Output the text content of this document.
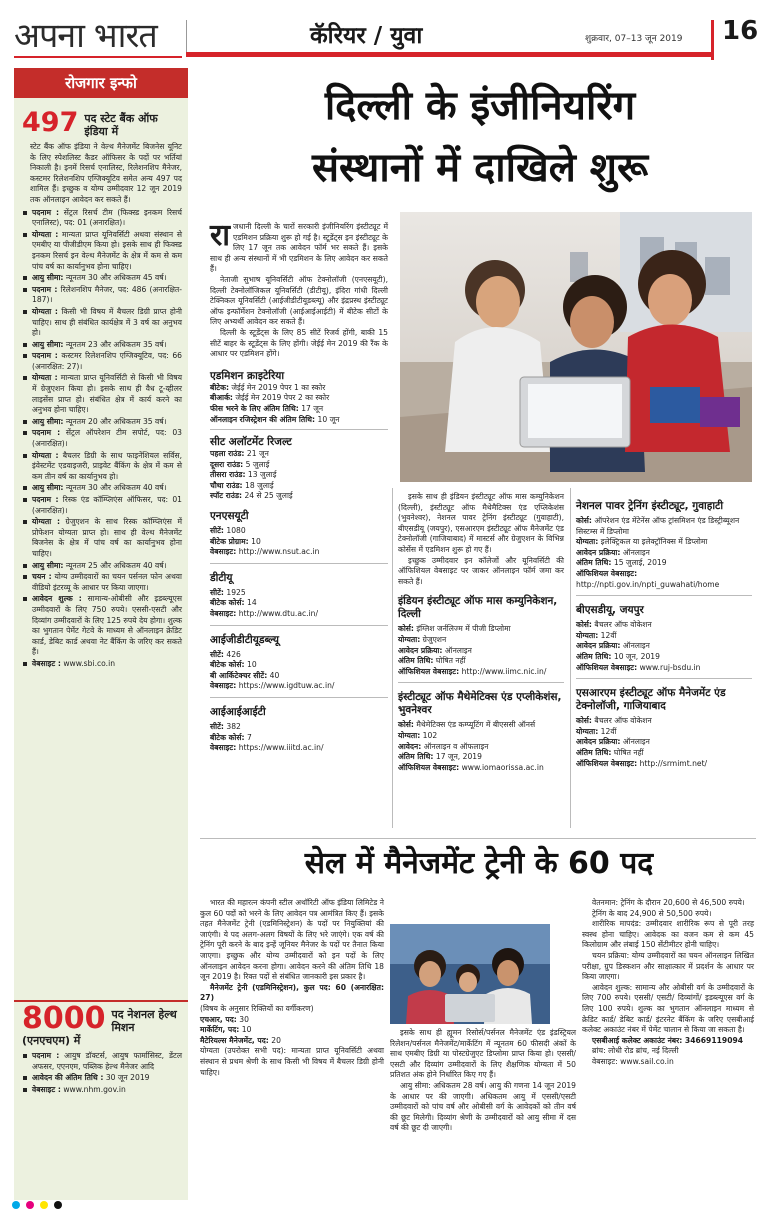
अपना भारत	कॅरियर / युवा	शुक्रवार, 07–13 जून 2019 16
रोजगार इन्फो
497 पद स्टेट बैंक ऑफ इंडिया में

स्टेट बैंक ऑफ इंडिया ने वेल्थ मैनेजमेंट बिजनेस यूनिट के लिए स्पेशलिस्ट कैडर ऑफिसर के पदों पर भर्तियां निकाली है। इनमें रिसर्च एनालिस्ट, रिलेशनशिप मैनेजर, कस्टमर रिलेशनशिप एग्जिक्यूटिव समेत अन्य 497 पद शामिल हैं। इच्छुक व योग्य उम्मीदवार 12 जून 2019 तक ऑनलाइन आवेदन कर सकते हैं।

पदनाम : सेंट्रल रिसर्च टीम (फिक्स्ड इनकम रिसर्च एनालिस्ट), पद: 01 (अनारक्षित)।
योग्यता : मान्यता प्राप्त यूनिवर्सिटी अथवा संस्थान से एमबीए या पीजीडीएम किया हो। इसके साथ ही फिक्स्ड इनकम रिसर्च इन वेल्थ मैनेजमेंट के क्षेत्र में कम से कम पांच वर्ष का कार्यानुभव होना चाहिए।
आयु सीमा: न्यूनतम 30 और अधिकतम 45 वर्ष।
पदनाम : रिलेशनशिप मैनेजर, पद: 486 (अनारक्षित- 187)।
योग्यता : किसी भी विषय में बैचलर डिग्री प्राप्त होनी चाहिए। साथ ही संबंधित कार्यक्षेत्र में 3 वर्ष का अनुभव हो।
आयु सीमा: न्यूनतम 23 और अधिकतम 35 वर्ष।
पदनाम : कस्टमर रिलेशनशिप एग्जिक्यूटिव, पद: 66 (अनारक्षित: 27)।
योग्यता : मान्यता प्राप्त यूनिवर्सिटी से किसी भी विषय में ग्रेजुएशन किया हो। इसके साथ ही वैध टू-व्हीलर लाइसेंस प्राप्त हो। संबंधित क्षेत्र में कार्य करने का अनुभव होना चाहिए।
आयु सीमा: न्यूनतम 20 और अधिकतम 35 वर्ष।
पदनाम : सेंट्रल ऑपरेशन टीम सपोर्ट, पद: 03 (अनारक्षित)।
योग्यता : बैचलर डिग्री के साथ फाइनेंशियल सर्विस, इंवेस्टमेंट एडवाइजरी, प्राइवेट बैंकिंग के क्षेत्र में कम से कम तीन वर्ष का कार्यानुभव हो।
आयु सीमा: न्यूनतम 30 और अधिकतम 40 वर्ष।
पदनाम : रिस्क एंड कॉम्प्लिएंस ऑफिसर, पद: 01 (अनारक्षित)।
योग्यता : ग्रेजुएशन के साथ रिस्क कॉम्प्लिएंस में प्रोफेशन योग्यता प्राप्त हो। साथ ही वेल्थ मैनेजमेंट बिजनेस के क्षेत्र में पांच वर्ष का कार्यानुभव होना चाहिए।
आयु सीमा: न्यूनतम 25 और अधिकतम 40 वर्ष।
चयन : योग्य उम्मीदवारों का चयन पर्सनल फोन अथवा वीडियो इंटरव्यू के आधार पर किया जाएगा।
आवेदन शुल्क : सामान्य-ओबीसी और इडब्ल्यूएस उम्मीदवारों के लिए 750 रुपये। एससी-एसटी और दिव्यांग उम्मीदवारों के लिए 125 रुपये देय होगा। शुल्क का भुगतान पेमेंट गेटवे के माध्यम से ऑनलाइन क्रेडिट कार्ड, डेबिट कार्ड अथवा नेट बैंकिंग के जरिए कर सकते हैं।
वेबसाइट : www.sbi.co.in
8000 पद नेशनल हेल्थ मिशन (एनएचएम) में
पदनाम : आयुष डॉक्टर्स, आयुष फार्मासिस्ट, डेंटल अफसर, एएनएम, पब्लिक हेल्थ मैनेजर आदि
आवेदन की अंतिम तिथि : 30 जून 2019
वेबसाइट : www.nhm.gov.in
दिल्ली के इंजीनियरिंग
संस्थानों में दाखिले शुरू

राजधानी दिल्ली के चारों सरकारी इंजीनियरिंग इंस्टीट्यूट में एडमिशन प्रक्रिया शुरू हो गई है। स्टूडेंट्स इन इंस्टीट्यूट के लिए 17 जून तक आवेदन फॉर्म भर सकते हैं। इसके साथ ही अन्य संस्थानों में भी एडमिशन के लिए आवेदन कर सकते हैं।

नेताजी सुभाष यूनिवर्सिटी ऑफ टेक्नोलॉजी (एनएसयूटी), दिल्ली टेक्नोलॉजिकल यूनिवर्सिटी (डीटीयू), इंदिरा गांधी दिल्ली टेक्निकल यूनिवर्सिटी (आईजीडीटीयूडब्ल्यू) और इंद्रप्रस्थ इंस्टीट्यूट ऑफ इन्फॉर्मेशन टेक्नोलॉजी (आईआईआईटी) में बीटेक सीटों के लिए अभ्यर्थी आवेदन कर सकते हैं।

दिल्ली के स्टूडेंट्स के लिए 85 सीटें रिजर्व होंगी, बाकी 15 सीटें बाहर के स्टूडेंट्स के लिए होंगी। जेईई मेन 2019 की रैंक के आधार पर एडमिशन होंगे।

एडमिशन क्राइटेरिया
बीटेक: जेईई मेन 2019 पेपर 1 का स्कोर
बीआर्क: जेईई मेन 2019 पेपर 2 का स्कोर
फीस भरने के लिए अंतिम तिथि: 17 जून
ऑनलाइन रजिस्ट्रेशन की अंतिम तिथि: 10 जून
सीट अलॉटमेंट रिजल्ट
पहला राउंड: 21 जून
दूसरा राउंड: 5 जुलाई
तीसरा राउंड: 13 जुलाई
चौथा राउंड: 18 जुलाई
स्पॉट राउंड: 24 से 25 जुलाई
एनएसयूटी
सीटें: 1080
बीटेक प्रोग्राम: 10
वेबसाइट: http://www.nsut.ac.in
डीटीयू
सीटें: 1925
बीटेक कोर्स: 14
वेबसाइट: http://www.dtu.ac.in/
आईजीडीटीयूडब्ल्यू
सीटें: 426
बीटेक कोर्स: 10
बी आर्किटेक्चर सीटें: 40
वेबसाइट: https://www.igdtuw.ac.in/
आईआईआईटी
सीटें: 382
बीटेक कोर्स: 7
वेबसाइट: https://www.iiitd.ac.in/

इसके साथ ही इंडियन इंस्टीट्यूट ऑफ मास कम्युनिकेशन (दिल्ली), इंस्टीट्यूट ऑफ मैथेमैटिक्स एंड एप्लिकेशंस (भुवनेश्वर), नेशनल पावर ट्रेनिंग इंस्टीट्यूट (गुवाहाटी), बीएसडीयू (जयपुर), एसआरएम इंस्टीट्यूट ऑफ मैनेजमेंट एंड टेक्नोलॉजी (गाजियाबाद) में मास्टर्स और ग्रेजुएशन के विभिन्न कोर्सेस में एडमिशन शुरू हो गए हैं।

इच्छुक उम्मीदवार इन कॉलेजों और यूनिवर्सिटी की ऑफिशियल वेबसाइट पर जाकर ऑनलाइन फॉर्म जमा कर सकते हैं।

इंडियन इंस्टीट्यूट ऑफ मास कम्युनिकेशन, दिल्ली
कोर्स: इंग्लिश जर्नलिज्म में पीजी डिप्लोमा
योग्यता: ग्रेजुएशन
आवेदन प्रक्रिया: ऑनलाइन
अंतिम तिथि: घोषित नहीं
ऑफिशियल वेबसाइट: http://www.iimc.nic.in/
इंस्टीट्यूट ऑफ मैथेमेटिक्स एंड एप्लीकेशंस, भुवनेश्वर
कोर्स: मैथेमेटिक्स एंड कम्प्यूटिंग में बीएससी ऑनर्स
योग्यता: 102
आवेदन: ऑनलाइन व ऑफलाइन
अंतिम तिथि: 17 जून, 2019
ऑफिशियल वेबसाइट: www.iomaorissa.ac.in
नेशनल पावर ट्रेनिंग इंस्टीट्यूट, गुवाहाटी
कोर्स: ऑपरेशन एंड मेंटेनेंस ऑफ ट्रांसमिशन एंड डिस्ट्रीब्यूशन सिस्टम्स में डिप्लोमा
योग्यता: इलेक्ट्रिकल या इलेक्ट्रॉनिक्स में डिप्लोमा
आवेदन प्रक्रिया: ऑनलाइन
अंतिम तिथि: 15 जुलाई, 2019
ऑफिशियल वेबसाइट: http://npti.gov.in/npti_guwahati/home
बीएसडीयू, जयपुर
कोर्स: बैचलर ऑफ वोकेशन
योग्यता: 12वीं
आवेदन प्रक्रिया: ऑनलाइन
अंतिम तिथि: 10 जून, 2019
ऑफिशियल वेबसाइट: www.ruj-bsdu.in
एसआरएम इंस्टीट्यूट ऑफ मैनेजमेंट एंड टेक्नोलॉजी, गाजियाबाद
कोर्स: बैचलर ऑफ वोकेशन
योग्यता: 12वीं
आवेदन प्रक्रिया: ऑनलाइन
अंतिम तिथि: घोषित नहीं
ऑफिशियल वेबसाइट: http://srmimt.net/
सेल में मैनेजमेंट ट्रेनी के 60 पद

भारत की महारत्न कंपनी स्टील अथॉरिटी ऑफ इंडिया लिमिटेड ने कुल 60 पदों को भरने के लिए आवेदन पत्र आमंत्रित किए हैं। इसके तहत मैनेजमेंट ट्रेनी (एडमिनिस्ट्रेशन) के पदों पर नियुक्तियां की जाएंगी। ये पद अलग-अलग विषयों के लिए भरे जाएंगे। एक वर्ष की ट्रेनिंग पूरी करने के बाद इन्हें जूनियर मैनेजर के पदों पर तैनात किया जाएगा। इच्छुक और योग्य उम्मीदवारों को इन पदों के लिए ऑनलाइन आवेदन करना होगा। आवेदन करने की अंतिम तिथि 18 जून 2019 है। रिक्त पदों से संबंधित जानकारी इस प्रकार है।

मैनेजमेंट ट्रेनी (एडमिनिस्ट्रेशन), कुल पद: 60 (अनारक्षित: 27)

(विषय के अनुसार रिक्तियों का वर्गीकरण)

एचआर, पद: 30
मार्केटिंग, पद: 10
मैटेरियल्स मैनेजमेंट, पद: 20

योग्यता (उपरोक्त सभी पद): मान्यता प्राप्त यूनिवर्सिटी अथवा संस्थान से प्रथम श्रेणी के साथ किसी भी विषय में बैचलर डिग्री होनी चाहिए।

इसके साथ ही ह्यूमन रिसोर्स/पर्सनल मैनेजमेंट एंड इंडस्ट्रियल रिलेशन/पर्सनल मैनेजमेंट/मार्केटिंग में न्यूनतम 60 फीसदी अंकों के साथ एमबीए डिग्री या पोस्टग्रेजुएट डिप्लोमा प्राप्त किया हो। एससी/एसटी और दिव्यांग उम्मीदवारों के लिए शैक्षणिक योग्यता में 50 प्रतिशत अंक होने निर्धारित किए गए हैं।

आयु सीमा: अधिकतम 28 वर्ष। आयु की गणना 14 जून 2019 के आधार पर की जाएगी। अधिकतम आयु में एससी/एसटी उम्मीदवारों को पांच वर्ष और ओबीसी वर्ग के आवेदकों को तीन वर्ष की छूट मिलेगी। दिव्यांग श्रेणी के उम्मीदवारों को आयु सीमा में दस वर्ष की छूट दी जाएगी।

वेतनमान: ट्रेनिंग के दौरान 20,600 से 46,500 रुपये।

ट्रेनिंग के बाद 24,900 से 50,500 रुपये।

शारीरिक मापदंड: उम्मीदवार शारीरिक रूप से पूरी तरह स्वस्थ होना चाहिए। आवेदक का वजन कम से कम 45 किलोग्राम और लंबाई 150 सेंटीमीटर होनी चाहिए।

चयन प्रक्रिया: योग्य उम्मीदवारों का चयन ऑनलाइन लिखित परीक्षा, ग्रुप डिस्कशन और साक्षात्कार में प्रदर्शन के आधार पर किया जाएगा।

आवेदन शुल्क: सामान्य और ओबीसी वर्ग के उम्मीदवारों के लिए 700 रुपये। एससी/ एसटी/ दिव्यांगों/ इडब्ल्यूएस वर्ग के लिए 100 रुपये। शुल्क का भुगतान ऑनलाइन माध्यम से क्रेडिट कार्ड/ डेबिट कार्ड/ इंटरनेट बैंकिंग के जरिए एसबीआई कलेक्ट अकाउंट नंबर में पेमेंट चालान से किया जा सकता है।

एसबीआई कलेक्ट अकाउंट नंबर: 34669119094

ब्रांच: लोधी रोड ब्रांच, नई दिल्ली

वेबसाइट: www.sail.co.in
